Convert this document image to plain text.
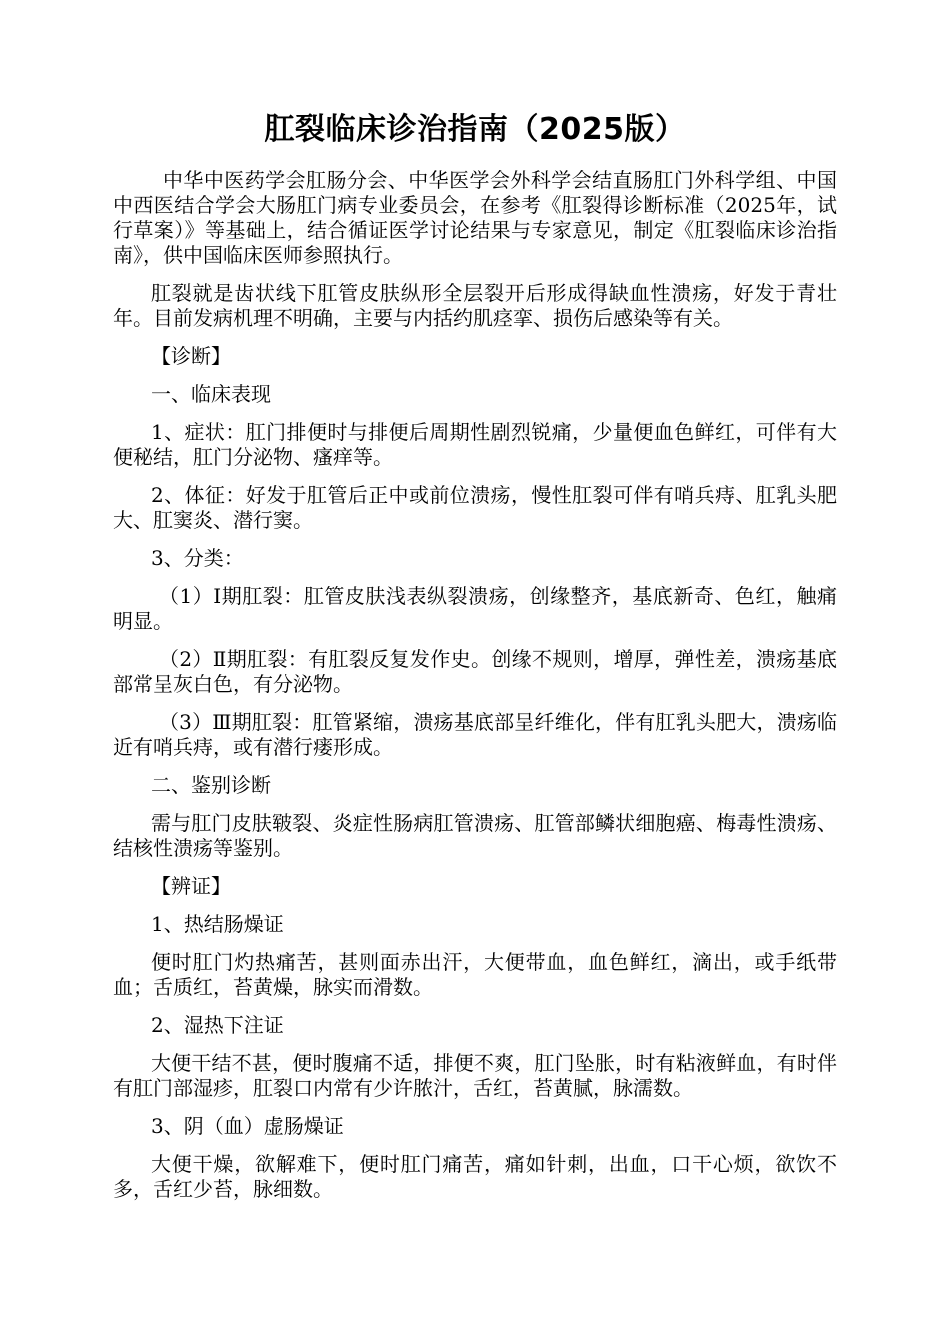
肛裂临床诊治指南（2025版）

中华中医药学会肛肠分会、中华医学会外科学会结直肠肛门外科学组、中国中西医结合学会大肠肛门病专业委员会，在参考《肛裂得诊断标准（2025年，试行草案）》等基础上，结合循证医学讨论结果与专家意见，制定《肛裂临床诊治指南》，供中国临床医师参照执行。

肛裂就是齿状线下肛管皮肤纵形全层裂开后形成得缺血性溃疡，好发于青壮年。目前发病机理不明确，主要与内括约肌痉挛、损伤后感染等有关。

【诊断】

一、临床表现

1、症状：肛门排便时与排便后周期性剧烈锐痛，少量便血色鲜红，可伴有大便秘结，肛门分泌物、瘙痒等。

2、体征：好发于肛管后正中或前位溃疡，慢性肛裂可伴有哨兵痔、肛乳头肥大、肛窦炎、潜行窦。

3、分类：

（1）Ⅰ期肛裂：肛管皮肤浅表纵裂溃疡，创缘整齐，基底新奇、色红，触痛明显。

（2）Ⅱ期肛裂：有肛裂反复发作史。创缘不规则，增厚，弹性差，溃疡基底部常呈灰白色，有分泌物。

（3）Ⅲ期肛裂：肛管紧缩，溃疡基底部呈纤维化，伴有肛乳头肥大，溃疡临近有哨兵痔，或有潜行瘘形成。

二、鉴别诊断

需与肛门皮肤皲裂、炎症性肠病肛管溃疡、肛管部鳞状细胞癌、梅毒性溃疡、结核性溃疡等鉴别。

【辨证】

1、热结肠燥证

便时肛门灼热痛苦，甚则面赤出汗，大便带血，血色鲜红，滴出，或手纸带血；舌质红，苔黄燥，脉实而滑数。

2、湿热下注证

大便干结不甚，便时腹痛不适，排便不爽，肛门坠胀，时有粘液鲜血，有时伴有肛门部湿疹，肛裂口内常有少许脓汁，舌红，苔黄腻，脉濡数。

3、阴（血）虚肠燥证

大便干燥，欲解难下，便时肛门痛苦，痛如针刺，出血，口干心烦，欲饮不多，舌红少苔，脉细数。
